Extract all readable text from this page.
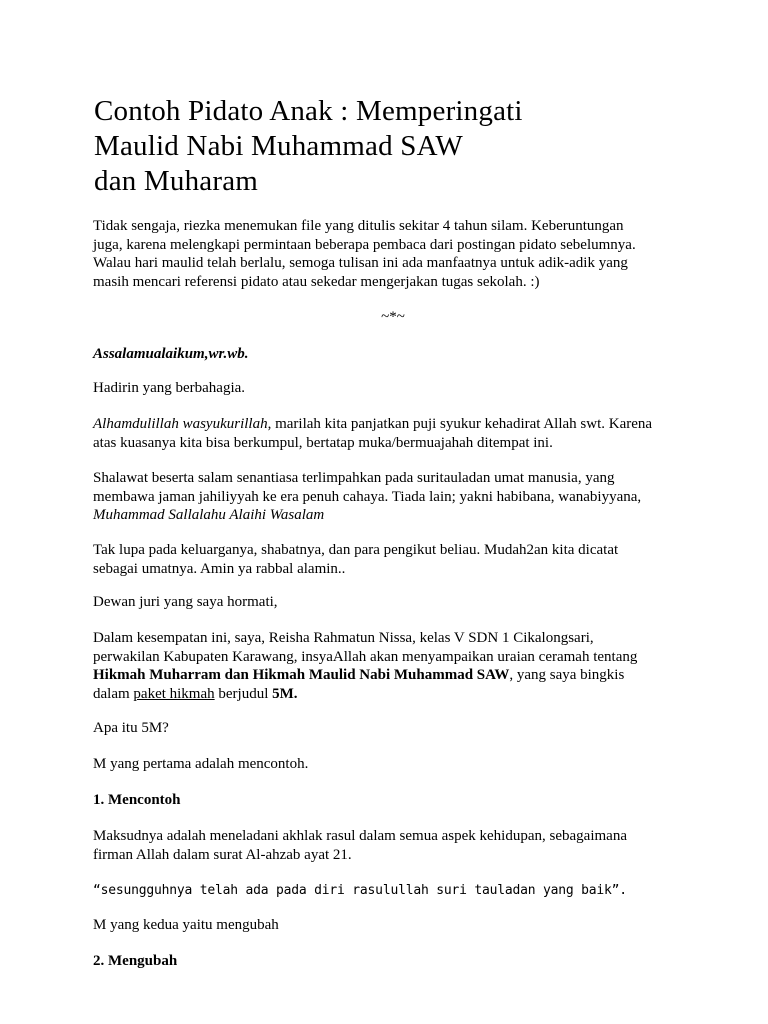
Contoh Pidato Anak : Memperingati
Maulid Nabi Muhammad SAW
dan Muharam

Tidak sengaja, riezka menemukan file yang ditulis sekitar 4 tahun silam. Keberuntungan
juga, karena melengkapi permintaan beberapa pembaca dari postingan pidato sebelumnya.
Walau hari maulid telah berlalu, semoga tulisan ini ada manfaatnya untuk adik-adik yang
masih mencari referensi pidato atau sekedar mengerjakan tugas sekolah. :)

~*~

Assalamualaikum,wr.wb.

Hadirin yang berbahagia.

Alhamdulillah wasyukurillah, marilah kita panjatkan puji syukur kehadirat Allah swt. Karena
atas kuasanya kita bisa berkumpul, bertatap muka/bermuajahah ditempat ini.

Shalawat beserta salam senantiasa terlimpahkan pada suritauladan umat manusia, yang
membawa jaman jahiliyyah ke era penuh cahaya. Tiada lain; yakni habibana, wanabiyyana,
Muhammad Sallalahu Alaihi Wasalam

Tak lupa pada keluarganya, shabatnya, dan para pengikut beliau. Mudah2an kita dicatat
sebagai umatnya. Amin ya rabbal alamin..

Dewan juri yang saya hormati,

Dalam kesempatan ini, saya, Reisha Rahmatun Nissa, kelas V SDN 1 Cikalongsari,
perwakilan Kabupaten Karawang, insyaAllah akan menyampaikan uraian ceramah tentang
Hikmah Muharram dan Hikmah Maulid Nabi Muhammad SAW, yang saya bingkis
dalam paket hikmah berjudul 5M.

Apa itu 5M?

M yang pertama adalah mencontoh.

1. Mencontoh

Maksudnya adalah meneladani akhlak rasul dalam semua aspek kehidupan, sebagaimana
firman Allah dalam surat Al-ahzab ayat 21.

“sesungguhnya telah ada pada diri rasulullah suri tauladan yang baik”.

M yang kedua yaitu mengubah

2. Mengubah
